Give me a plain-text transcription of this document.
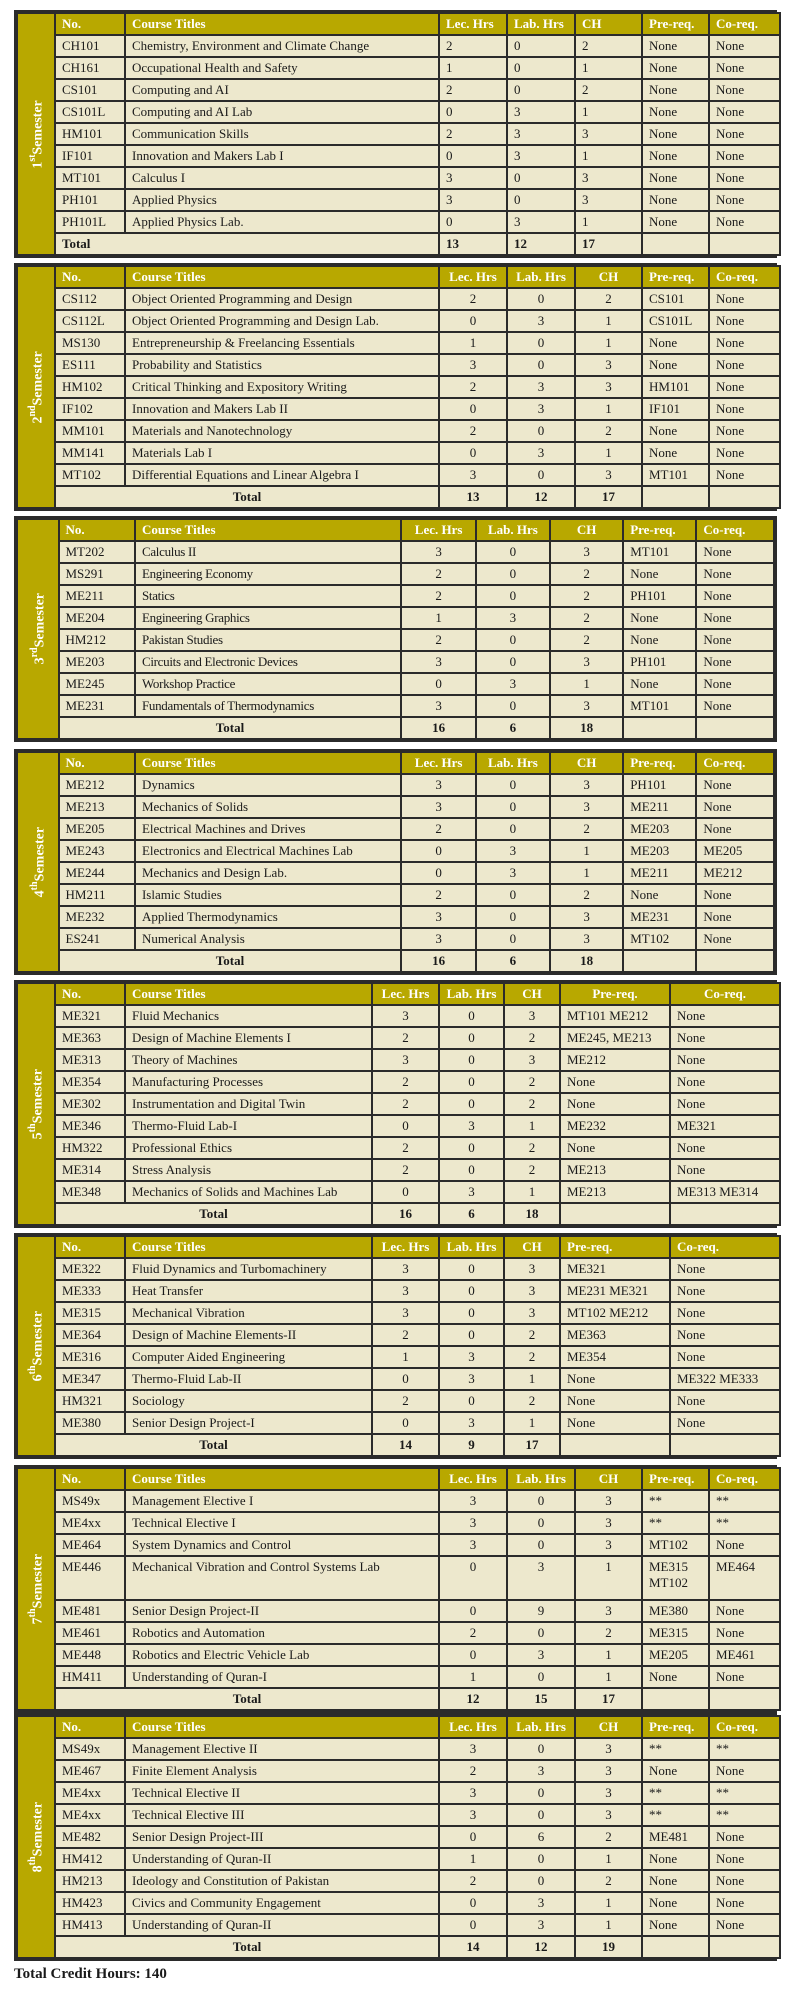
1stSemester	No.	Course Titles	Lec. Hrs	Lab. Hrs	CH	Pre-req.	Co-req.
	CH101	Chemistry, Environment and Climate Change	2	0	2	None	None
	CH161	Occupational Health and Safety	1	0	1	None	None
	CS101	Computing and AI	2	0	2	None	None
	CS101L	Computing and AI Lab	0	3	1	None	None
	HM101	Communication Skills	2	3	3	None	None
	IF101	Innovation and Makers Lab I	0	3	1	None	None
	MT101	Calculus I	3	0	3	None	None
	PH101	Applied Physics	3	0	3	None	None
	PH101L	Applied Physics Lab.	0	3	1	None	None
	Total		13	12	17		
2ndSemester	No.	Course Titles	Lec. Hrs	Lab. Hrs	CH	Pre-req.	Co-req.
	CS112	Object Oriented Programming and Design	2	0	2	CS101	None
	CS112L	Object Oriented Programming and Design Lab.	0	3	1	CS101L	None
	MS130	Entrepreneurship & Freelancing Essentials	1	0	1	None	None
	ES111	Probability and Statistics	3	0	3	None	None
	HM102	Critical Thinking and Expository Writing	2	3	3	HM101	None
	IF102	Innovation and Makers Lab II	0	3	1	IF101	None
	MM101	Materials and Nanotechnology	2	0	2	None	None
	MM141	Materials Lab I	0	3	1	None	None
	MT102	Differential Equations and Linear Algebra I	3	0	3	MT101	None
	Total		13	12	17		
3rdSemester	No.	Course Titles	Lec. Hrs	Lab. Hrs	CH	Pre-req.	Co-req.
	MT202	Calculus II	3	0	3	MT101	None
	MS291	Engineering Economy	2	0	2	None	None
	ME211	Statics	2	0	2	PH101	None
	ME204	Engineering Graphics	1	3	2	None	None
	HM212	Pakistan Studies	2	0	2	None	None
	ME203	Circuits and Electronic Devices	3	0	3	PH101	None
	ME245	Workshop Practice	0	3	1	None	None
	ME231	Fundamentals of Thermodynamics	3	0	3	MT101	None
	Total		16	6	18		
4thSemester	No.	Course Titles	Lec. Hrs	Lab. Hrs	CH	Pre-req.	Co-req.
	ME212	Dynamics	3	0	3	PH101	None
	ME213	Mechanics of Solids	3	0	3	ME211	None
	ME205	Electrical Machines and Drives	2	0	2	ME203	None
	ME243	Electronics and Electrical Machines Lab	0	3	1	ME203	ME205
	ME244	Mechanics and Design Lab.	0	3	1	ME211	ME212
	HM211	Islamic Studies	2	0	2	None	None
	ME232	Applied Thermodynamics	3	0	3	ME231	None
	ES241	Numerical Analysis	3	0	3	MT102	None
	Total		16	6	18		
5thSemester	No.	Course Titles	Lec. Hrs	Lab. Hrs	CH	Pre-req.	Co-req.
	ME321	Fluid Mechanics	3	0	3	MT101 ME212	None
	ME363	Design of Machine Elements I	2	0	2	ME245, ME213	None
	ME313	Theory of Machines	3	0	3	ME212	None
	ME354	Manufacturing Processes	2	0	2	None	None
	ME302	Instrumentation and Digital Twin	2	0	2	None	None
	ME346	Thermo-Fluid Lab-I	0	3	1	ME232	ME321
	HM322	Professional Ethics	2	0	2	None	None
	ME314	Stress Analysis	2	0	2	ME213	None
	ME348	Mechanics of Solids and Machines Lab	0	3	1	ME213	ME313 ME314
	Total		16	6	18		
6thSemester	No.	Course Titles	Lec. Hrs	Lab. Hrs	CH	Pre-req.	Co-req.
	ME322	Fluid Dynamics and Turbomachinery	3	0	3	ME321	None
	ME333	Heat Transfer	3	0	3	ME231 ME321	None
	ME315	Mechanical Vibration	3	0	3	MT102 ME212	None
	ME364	Design of Machine Elements-II	2	0	2	ME363	None
	ME316	Computer Aided Engineering	1	3	2	ME354	None
	ME347	Thermo-Fluid Lab-II	0	3	1	None	ME322 ME333
	HM321	Sociology	2	0	2	None	None
	ME380	Senior Design Project-I	0	3	1	None	None
	Total		14	9	17		
7thSemester	No.	Course Titles	Lec. Hrs	Lab. Hrs	CH	Pre-req.	Co-req.
	MS49x	Management Elective I	3	0	3	**	**
	ME4xx	Technical Elective I	3	0	3	**	**
	ME464	System Dynamics and Control	3	0	3	MT102	None
	ME446	Mechanical Vibration and Control Systems Lab	0	3	1	ME315 MT102	ME464
	ME481	Senior Design Project-II	0	9	3	ME380	None
	ME461	Robotics and Automation	2	0	2	ME315	None
	ME448	Robotics and Electric Vehicle Lab	0	3	1	ME205	ME461
	HM411	Understanding of Quran-I	1	0	1	None	None
	Total		12	15	17		
8thSemester	No.	Course Titles	Lec. Hrs	Lab. Hrs	CH	Pre-req.	Co-req.
	MS49x	Management Elective II	3	0	3	**	**
	ME467	Finite Element Analysis	2	3	3	None	None
	ME4xx	Technical Elective II	3	0	3	**	**
	ME4xx	Technical Elective III	3	0	3	**	**
	ME482	Senior Design Project-III	0	6	2	ME481	None
	HM412	Understanding of Quran-II	1	0	1	None	None
	HM213	Ideology and Constitution of Pakistan	2	0	2	None	None
	HM423	Civics and Community Engagement	0	3	1	None	None
	HM413	Understanding of Quran-II	0	3	1	None	None
	Total		14	12	19		
Total Credit Hours: 140
